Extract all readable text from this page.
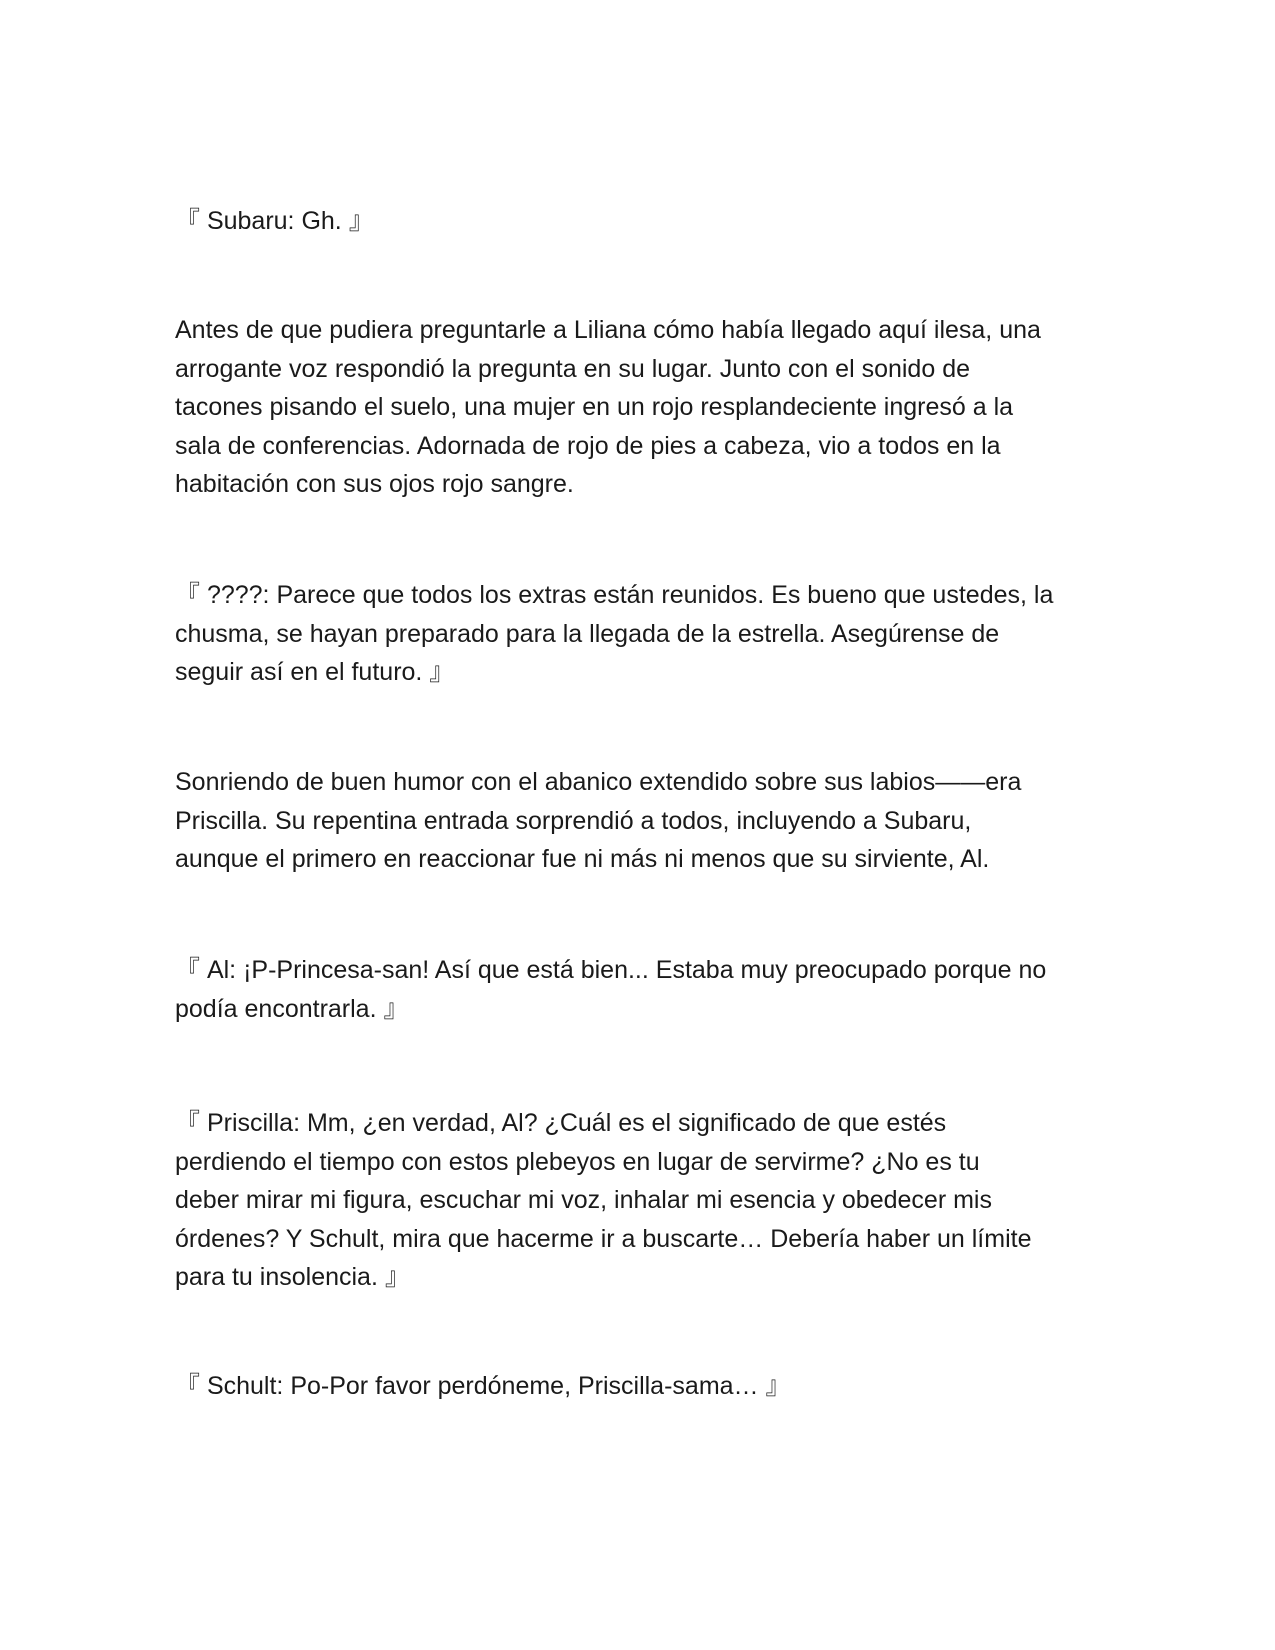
『 Subaru: Gh. 』

Antes de que pudiera preguntarle a Liliana cómo había llegado aquí ilesa, una
arrogante voz respondió la pregunta en su lugar. Junto con el sonido de
tacones pisando el suelo, una mujer en un rojo resplandeciente ingresó a la
sala de conferencias. Adornada de rojo de pies a cabeza, vio a todos en la
habitación con sus ojos rojo sangre.

『 ????: Parece que todos los extras están reunidos. Es bueno que ustedes, la
chusma, se hayan preparado para la llegada de la estrella. Asegúrense de
seguir así en el futuro. 』

Sonriendo de buen humor con el abanico extendido sobre sus labios——era
Priscilla. Su repentina entrada sorprendió a todos, incluyendo a Subaru,
aunque el primero en reaccionar fue ni más ni menos que su sirviente, Al.

『 Al: ¡P-Princesa-san! Así que está bien... Estaba muy preocupado porque no
podía encontrarla. 』

『 Priscilla: Mm, ¿en verdad, Al? ¿Cuál es el significado de que estés
perdiendo el tiempo con estos plebeyos en lugar de servirme? ¿No es tu
deber mirar mi figura, escuchar mi voz, inhalar mi esencia y obedecer mis
órdenes? Y Schult, mira que hacerme ir a buscarte… Debería haber un límite
para tu insolencia. 』

『 Schult: Po-Por favor perdóneme, Priscilla-sama… 』
